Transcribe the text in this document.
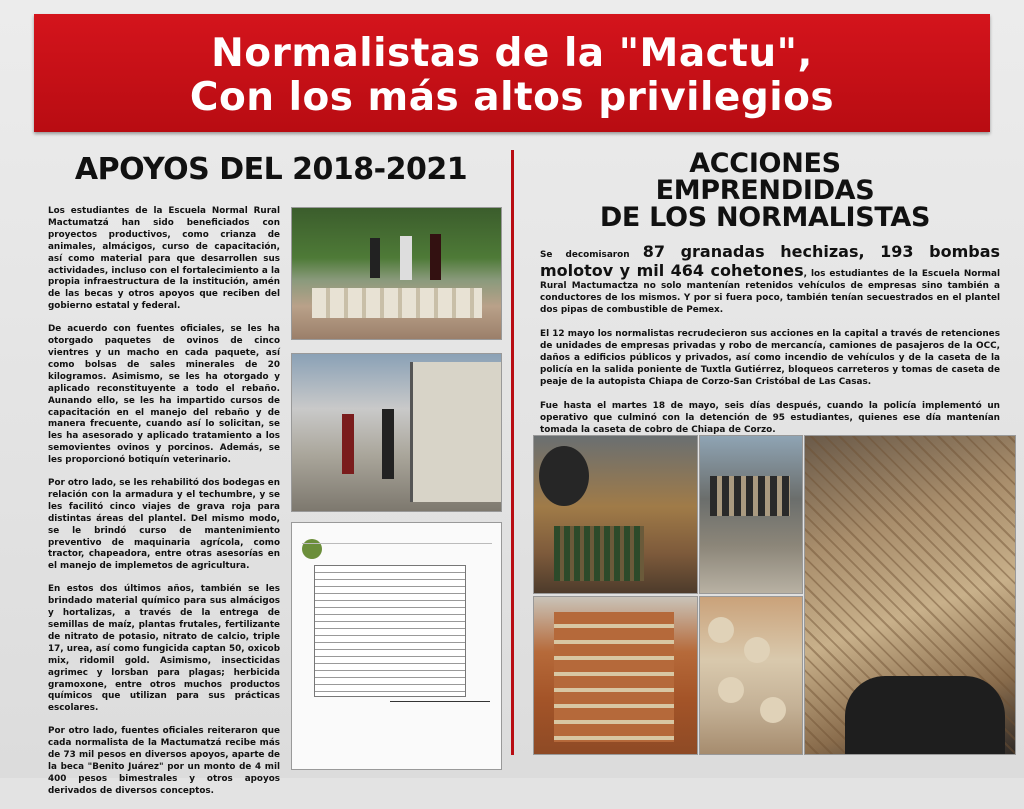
Normalistas de la "Mactu",
Con los más altos privilegios
APOYOS DEL 2018-2021

Los estudiantes de la Escuela Normal Rural Mactumatzá han sido beneficiados con proyectos productivos, como crianza de animales, almácigos, curso de capacitación, así como material para que desarrollen sus actividades, incluso con el fortalecimiento a la propia infraestructura de la institución, amén de las becas y otros apoyos que reciben del gobierno estatal y federal.

De acuerdo con fuentes oficiales, se les ha otorgado paquetes de ovinos de cinco vientres y un macho en cada paquete, así como bolsas de sales minerales de 20 kilogramos. Asimismo, se les ha otorgado y aplicado reconstituyente a todo el rebaño. Aunando ello, se les ha impartido cursos de capacitación en el manejo del rebaño y de manera frecuente, cuando así lo solicitan, se les ha asesorado y aplicado tratamiento a los semovientes ovinos y porcinos. Además, se les proporcionó botiquín veterinario.

Por otro lado, se les rehabilitó dos bodegas en relación con la armadura y el techumbre, y se les facilitó cinco viajes de grava roja para distintas áreas del plantel. Del mismo modo, se le brindó curso de mantenimiento preventivo de maquinaria agrícola, como tractor, chapeadora, entre otras asesorías en el manejo de implemetos de agricultura.

En estos dos últimos años, también se les brindado material químico para sus almácigos y hortalizas, a través de la entrega de semillas de maíz, plantas frutales, fertilizante de nitrato de potasio, nitrato de calcio, triple 17, urea, así como fungicida captan 50, oxicob mix, ridomil gold. Asimismo, insecticidas agrimec y lorsban para plagas; herbicida gramoxone, entre otros muchos productos químicos que utilizan para sus prácticas escolares.

Por otro lado, fuentes oficiales reiteraron que cada normalista de la Mactumatzá recibe más de 73 mil pesos en diversos apoyos, aparte de la beca "Benito Juárez" por un monto de 4 mil 400 pesos bimestrales y otros apoyos derivados de diversos conceptos.

ACCIONES
EMPRENDIDAS
DE LOS NORMALISTAS

Se decomisaron 87 granadas hechizas, 193 bombas molotov y mil 464 cohetones, los estudiantes de la Escuela Normal Rural Mactumactza no solo mantenían retenidos vehículos de empresas sino también a conductores de los mismos. Y por si fuera poco, también tenían secuestrados en el plantel dos pipas de combustible de Pemex.

El 12 mayo los normalistas recrudecieron sus acciones en la capital a través de retenciones de unidades de empresas privadas y robo de mercancía, camiones de pasajeros de la OCC, daños a edificios públicos y privados, así como incendio de vehículos y de la caseta de la policía en la salida poniente de Tuxtla Gutiérrez, bloqueos carreteros y tomas de caseta de peaje de la autopista Chiapa de Corzo-San Cristóbal de Las Casas.

Fue hasta el martes 18 de mayo, seis días después, cuando la policía implementó un operativo que culminó con la detención de 95 estudiantes, quienes ese día mantenían tomada la caseta de cobro de Chiapa de Corzo.
